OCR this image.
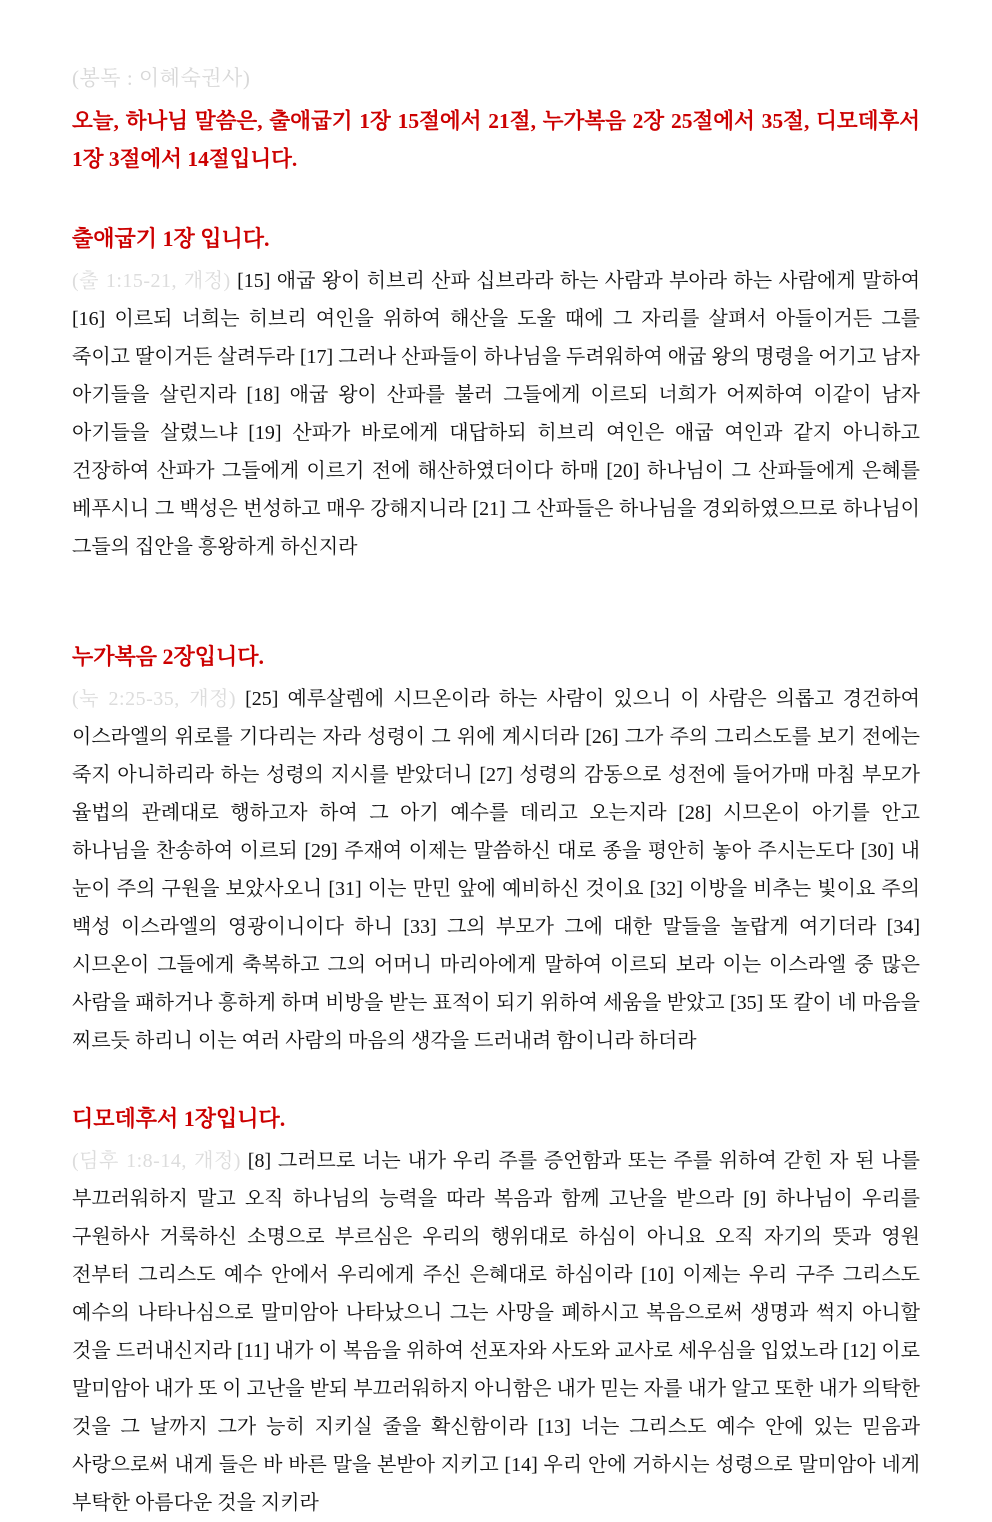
(봉독 : 이혜숙권사)

오늘, 하나님 말씀은, 출애굽기 1장 15절에서 21절, 누가복음 2장 25절에서 35절, 디모데후서 1장 3절에서 14절입니다.

출애굽기 1장 입니다.

(출 1:15-21, 개정) [15] 애굽 왕이 히브리 산파 십브라라 하는 사람과 부아라 하는 사람에게 말하여 [16] 이르되 너희는 히브리 여인을 위하여 해산을 도울 때에 그 자리를 살펴서 아들이거든 그를 죽이고 딸이거든 살려두라 [17] 그러나 산파들이 하나님을 두려워하여 애굽 왕의 명령을 어기고 남자 아기들을 살린지라 [18] 애굽 왕이 산파를 불러 그들에게 이르되 너희가 어찌하여 이같이 남자 아기들을 살렸느냐 [19] 산파가 바로에게 대답하되 히브리 여인은 애굽 여인과 같지 아니하고 건장하여 산파가 그들에게 이르기 전에 해산하였더이다 하매 [20] 하나님이 그 산파들에게 은혜를 베푸시니 그 백성은 번성하고 매우 강해지니라 [21] 그 산파들은 하나님을 경외하였으므로 하나님이 그들의 집안을 흥왕하게 하신지라

누가복음 2장입니다.

(눅 2:25-35, 개정) [25] 예루살렘에 시므온이라 하는 사람이 있으니 이 사람은 의롭고 경건하여 이스라엘의 위로를 기다리는 자라 성령이 그 위에 계시더라 [26] 그가 주의 그리스도를 보기 전에는 죽지 아니하리라 하는 성령의 지시를 받았더니 [27] 성령의 감동으로 성전에 들어가매 마침 부모가 율법의 관례대로 행하고자 하여 그 아기 예수를 데리고 오는지라 [28] 시므온이 아기를 안고 하나님을 찬송하여 이르되 [29] 주재여 이제는 말씀하신 대로 종을 평안히 놓아 주시는도다 [30] 내 눈이 주의 구원을 보았사오니 [31] 이는 만민 앞에 예비하신 것이요 [32] 이방을 비추는 빛이요 주의 백성 이스라엘의 영광이니이다 하니 [33] 그의 부모가 그에 대한 말들을 놀랍게 여기더라 [34] 시므온이 그들에게 축복하고 그의 어머니 마리아에게 말하여 이르되 보라 이는 이스라엘 중 많은 사람을 패하거나 흥하게 하며 비방을 받는 표적이 되기 위하여 세움을 받았고 [35] 또 칼이 네 마음을 찌르듯 하리니 이는 여러 사람의 마음의 생각을 드러내려 함이니라 하더라

디모데후서 1장입니다.

(딤후 1:8-14, 개정) [8] 그러므로 너는 내가 우리 주를 증언함과 또는 주를 위하여 갇힌 자 된 나를 부끄러워하지 말고 오직 하나님의 능력을 따라 복음과 함께 고난을 받으라 [9] 하나님이 우리를 구원하사 거룩하신 소명으로 부르심은 우리의 행위대로 하심이 아니요 오직 자기의 뜻과 영원 전부터 그리스도 예수 안에서 우리에게 주신 은혜대로 하심이라 [10] 이제는 우리 구주 그리스도 예수의 나타나심으로 말미암아 나타났으니 그는 사망을 폐하시고 복음으로써 생명과 썩지 아니할 것을 드러내신지라 [11] 내가 이 복음을 위하여 선포자와 사도와 교사로 세우심을 입었노라 [12] 이로 말미암아 내가 또 이 고난을 받되 부끄러워하지 아니함은 내가 믿는 자를 내가 알고 또한 내가 의탁한 것을 그 날까지 그가 능히 지키실 줄을 확신함이라 [13] 너는 그리스도 예수 안에 있는 믿음과 사랑으로써 내게 들은 바 바른 말을 본받아 지키고 [14] 우리 안에 거하시는 성령으로 말미암아 네게 부탁한 아름다운 것을 지키라
